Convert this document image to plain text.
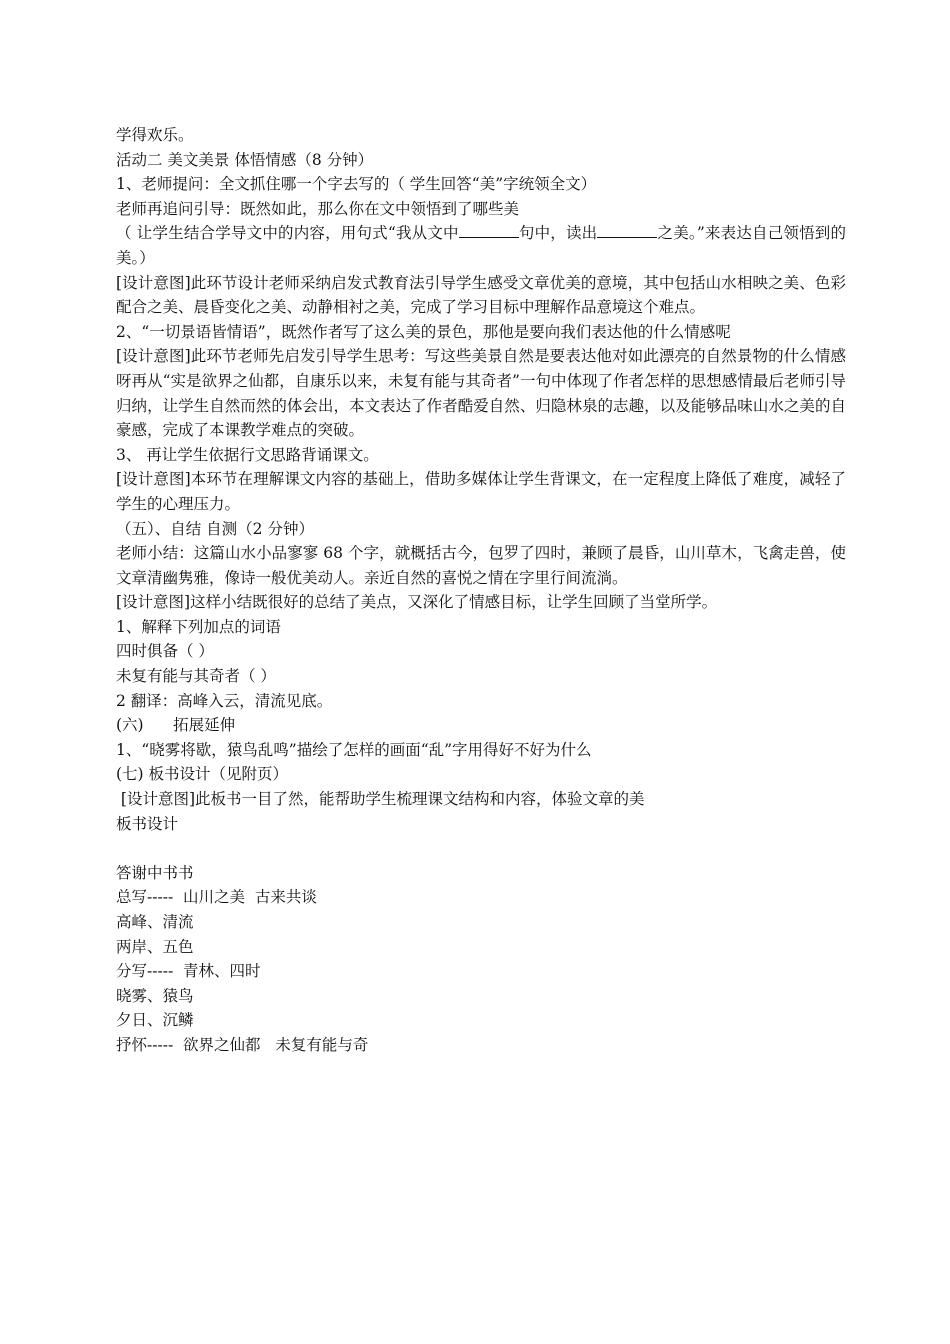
学得欢乐。
活动二 美文美景 体悟情感（8 分钟）
1、老师提问：全文抓住哪一个字去写的（ 学生回答“美”字统领全文）
老师再追问引导：既然如此，那么你在文中领悟到了哪些美
（ 让学生结合学导文中的内容，用句式“我从文中	句中，读出	之美。”来表达自己领悟到的美。）
[设计意图]此环节设计老师采纳启发式教育法引导学生感受文章优美的意境，其中包括山水相映之美、色彩配合之美、晨昏变化之美、动静相衬之美，完成了学习目标中理解作品意境这个难点。
2、“一切景语皆情语”，既然作者写了这么美的景色，那他是要向我们表达他的什么情感呢
[设计意图]此环节老师先启发引导学生思考：写这些美景自然是要表达他对如此漂亮的自然景物的什么情感呀再从“实是欲界之仙都，自康乐以来，未复有能与其奇者”一句中体现了作者怎样的思想感情最后老师引导归纳，让学生自然而然的体会出，本文表达了作者酷爱自然、归隐林泉的志趣，以及能够品味山水之美的自豪感，完成了本课教学难点的突破。
3、 再让学生依据行文思路背诵课文。
[设计意图]本环节在理解课文内容的基础上，借助多媒体让学生背课文，在一定程度上降低了难度，减轻了学生的心理压力。
（五）、自结 自测（2 分钟）
老师小结：这篇山水小品寥寥 68 个字，就概括古今，包罗了四时，兼顾了晨昏，山川草木，飞禽走兽，使文章清幽隽雅，像诗一般优美动人。亲近自然的喜悦之情在字里行间流淌。
[设计意图]这样小结既很好的总结了美点，又深化了情感目标，让学生回顾了当堂所学。
1、解释下列加点的词语
四时俱备（ ）
未复有能与其奇者（ ）
2 翻译：高峰入云，清流见底。
(六)      拓展延伸
1、“晓雾将歇，猿鸟乱鸣”描绘了怎样的画面“乱”字用得好不好为什么
(七) 板书设计（见附页）
[设计意图]此板书一目了然，能帮助学生梳理课文结构和内容，体验文章的美
板书设计
答谢中书书
总写-----  山川之美  古来共谈
高峰、清流
两岸、五色
分写-----  青林、四时
晓雾、猿鸟
夕日、沉鳞
抒怀-----  欲界之仙都   未复有能与奇
